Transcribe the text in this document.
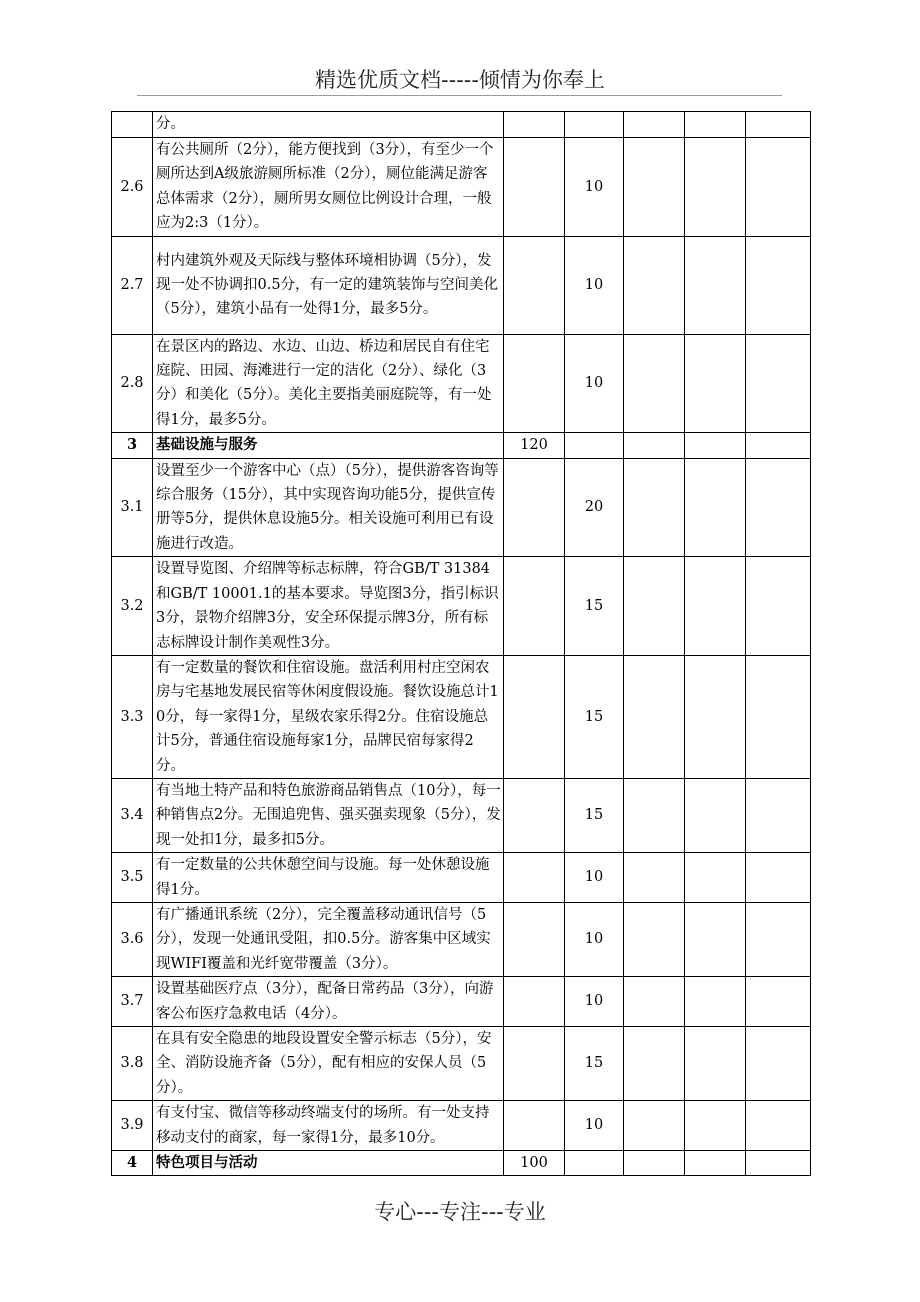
精选优质文档-----倾情为你奉上
	分。					
2.6	有公共厕所（2分），能方便找到（3分），有至少一个厕所达到A级旅游厕所标准（2分），厕位能满足游客总体需求（2分），厕所男女厕位比例设计合理，一般应为2:3（1分）。		10			
2.7	村内建筑外观及天际线与整体环境相协调（5分），发现一处不协调扣0.5分，有一定的建筑装饰与空间美化（5分），建筑小品有一处得1分，最多5分。		10			
2.8	在景区内的路边、水边、山边、桥边和居民自有住宅庭院、田园、海滩进行一定的洁化（2分）、绿化（3分）和美化（5分）。美化主要指美丽庭院等，有一处得1分，最多5分。		10			
3	基础设施与服务	120				
3.1	设置至少一个游客中心（点）（5分），提供游客咨询等综合服务（15分），其中实现咨询功能5分，提供宣传册等5分，提供休息设施5分。相关设施可利用已有设施进行改造。		20			
3.2	设置导览图、介绍牌等标志标牌，符合GB/T 31384和GB/T 10001.1的基本要求。导览图3分，指引标识3分，景物介绍牌3分，安全环保提示牌3分，所有标志标牌设计制作美观性3分。		15			
3.3	有一定数量的餐饮和住宿设施。盘活利用村庄空闲农房与宅基地发展民宿等休闲度假设施。餐饮设施总计10分，每一家得1分，星级农家乐得2分。住宿设施总计5分，普通住宿设施每家1分，品牌民宿每家得2分。		15			
3.4	有当地土特产品和特色旅游商品销售点（10分），每一种销售点2分。无围追兜售、强买强卖现象（5分），发现一处扣1分，最多扣5分。		15			
3.5	有一定数量的公共休憩空间与设施。每一处休憩设施得1分。		10			
3.6	有广播通讯系统（2分），完全覆盖移动通讯信号（5分），发现一处通讯受阻，扣0.5分。游客集中区域实现WIFI覆盖和光纤宽带覆盖（3分）。		10			
3.7	设置基础医疗点（3分），配备日常药品（3分），向游客公布医疗急救电话（4分）。		10			
3.8	在具有安全隐患的地段设置安全警示标志（5分），安全、消防设施齐备（5分），配有相应的安保人员（5分）。		15			
3.9	有支付宝、微信等移动终端支付的场所。有一处支持移动支付的商家，每一家得1分，最多10分。		10			
4	特色项目与活动	100				
专心---专注---专业
